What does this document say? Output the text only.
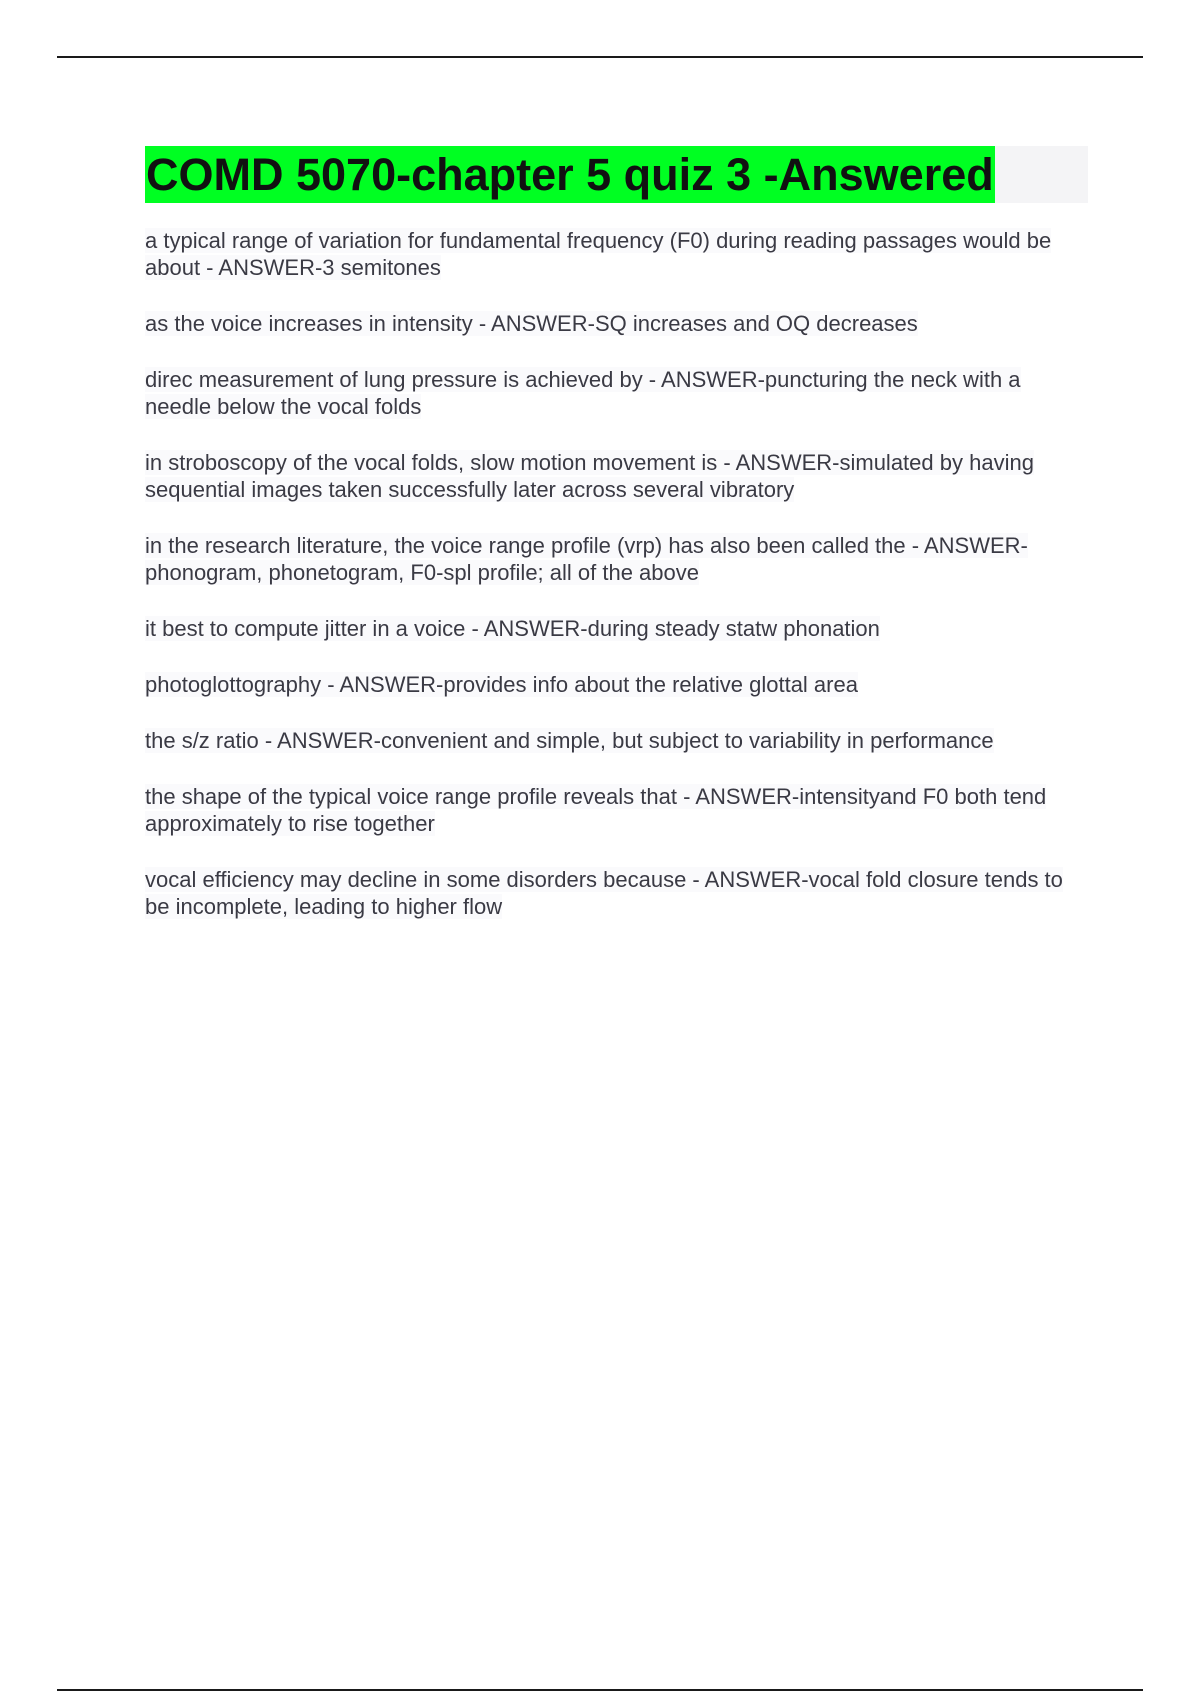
COMD 5070-chapter 5 quiz 3 -Answered
a typical range of variation for fundamental frequency (F0) during reading passages would be about - ANSWER-3 semitones
as the voice increases in intensity - ANSWER-SQ increases and OQ decreases
direc measurement of lung pressure is achieved by - ANSWER-puncturing the neck with a needle below the vocal folds
in stroboscopy of the vocal folds, slow motion movement is - ANSWER-simulated by having sequential images taken successfully later across several vibratory
in the research literature, the voice range profile (vrp) has also been called the - ANSWER-phonogram, phonetogram, F0-spl profile; all of the above
it best to compute jitter in a voice - ANSWER-during steady statw phonation
photoglottography - ANSWER-provides info about the relative glottal area
the s/z ratio - ANSWER-convenient and simple, but subject to variability in performance
the shape of the typical voice range profile reveals that - ANSWER-intensityand F0 both tend approximately to rise together
vocal efficiency may decline in some disorders because - ANSWER-vocal fold closure tends to be incomplete, leading to higher flow
